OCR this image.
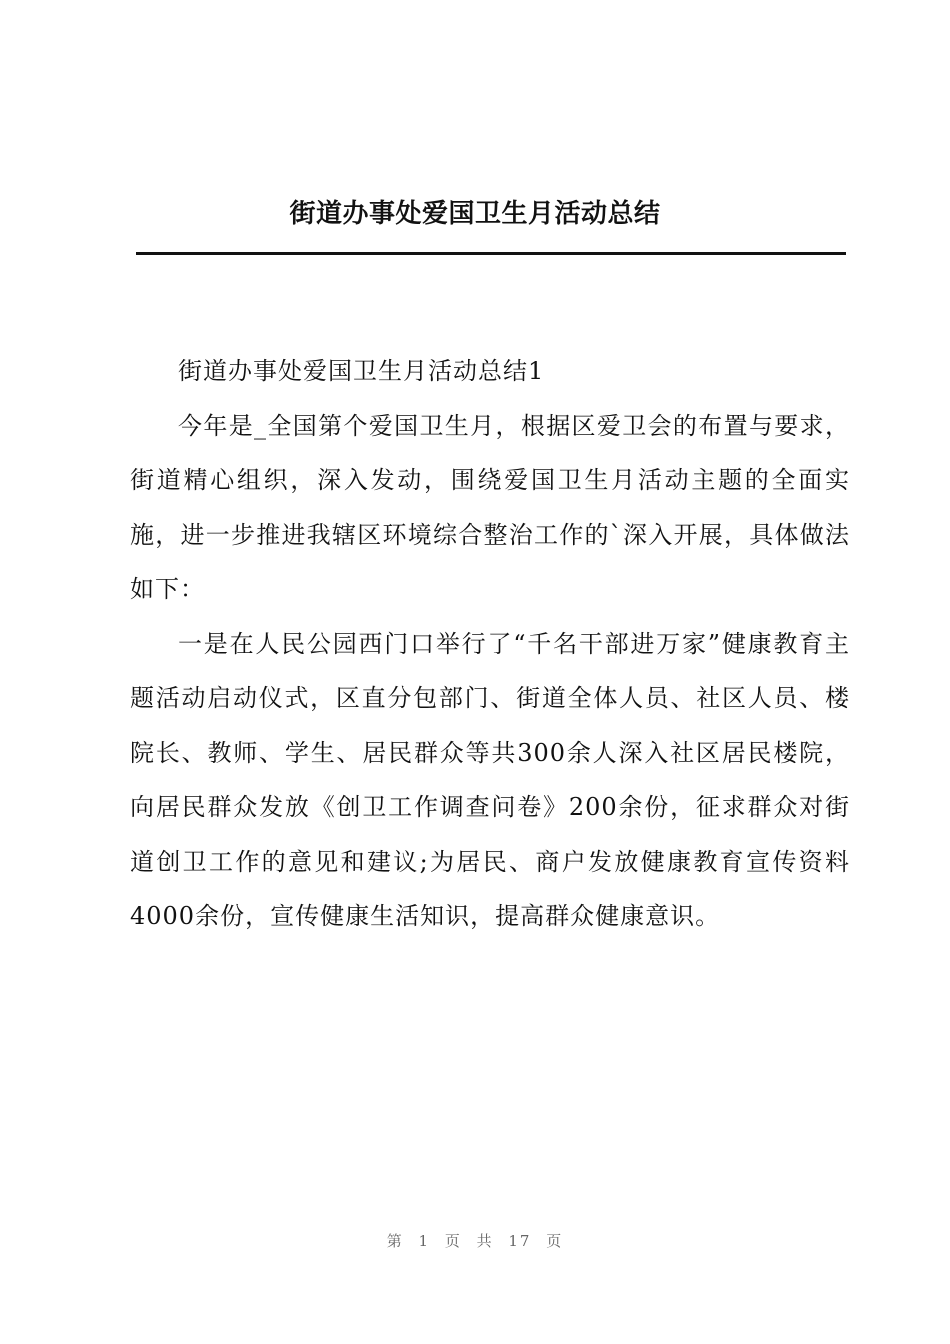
街道办事处爱国卫生月活动总结

街道办事处爱国卫生月活动总结1

今年是_全国第个爱国卫生月，根据区爱卫会的布置与要求，街道精心组织，深入发动，围绕爱国卫生月活动主题的全面实施，进一步推进我辖区环境综合整治工作的`深入开展，具体做法如下：

一是在人民公园西门口举行了“千名干部进万家”健康教育主题活动启动仪式，区直分包部门、街道全体人员、社区人员、楼院长、教师、学生、居民群众等共300余人深入社区居民楼院，向居民群众发放《创卫工作调查问卷》200余份，征求群众对街道创卫工作的意见和建议;为居民、商户发放健康教育宣传资料4000余份，宣传健康生活知识，提高群众健康意识。

第 1 页 共 17 页
